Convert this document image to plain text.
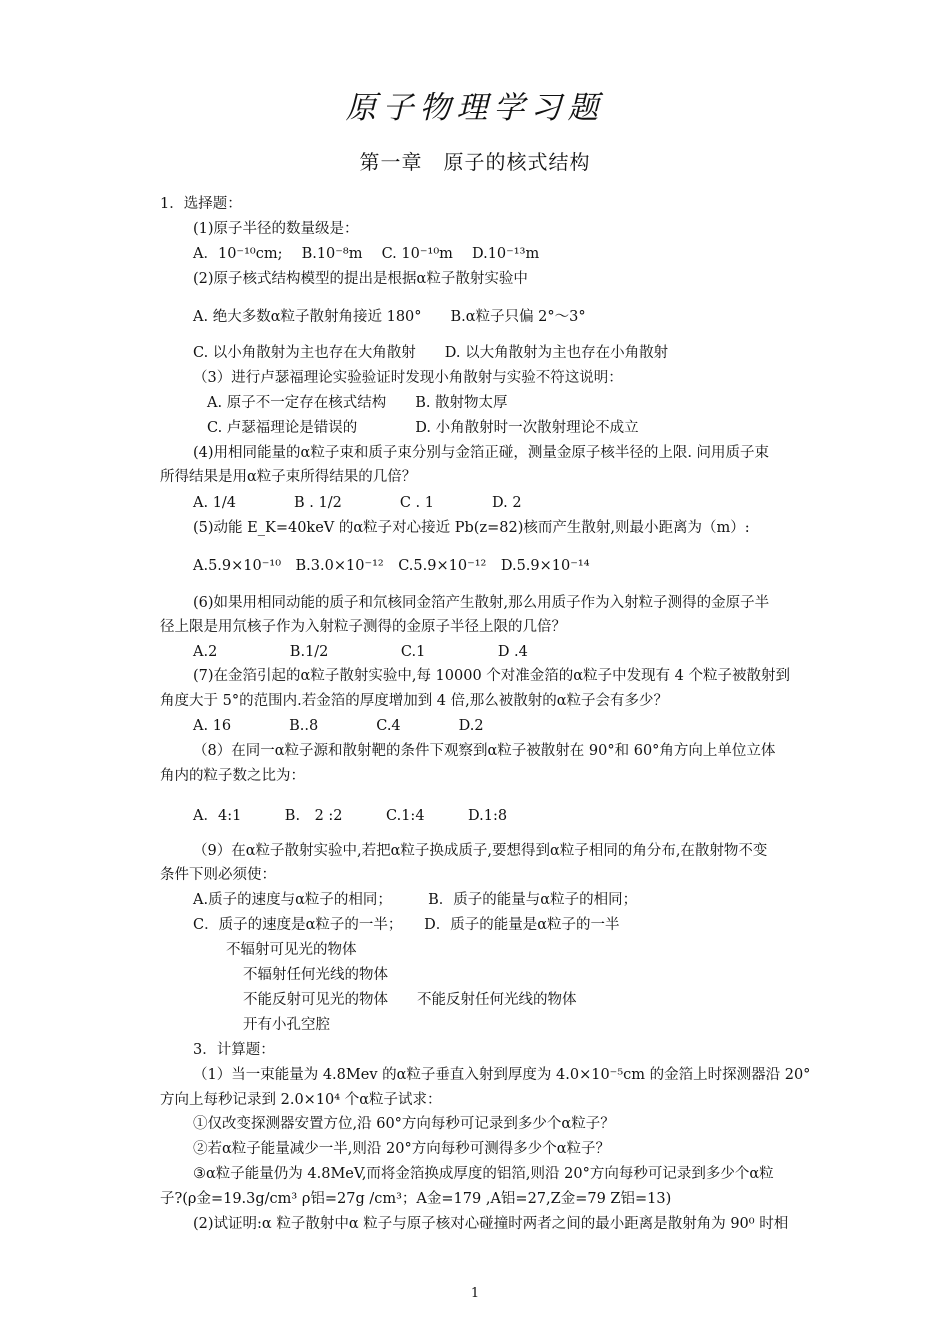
原子物理学习题
第一章　原子的核式结构
1．选择题：
(1)原子半径的数量级是：
A．10⁻¹⁰cm;　 B.10⁻⁸m　 C. 10⁻¹⁰m　 D.10⁻¹³m
(2)原子核式结构模型的提出是根据α粒子散射实验中
A. 绝大多数α粒子散射角接近 180°　　B.α粒子只偏 2°～3°
C. 以小角散射为主也存在大角散射　　D. 以大角散射为主也存在小角散射
（3）进行卢瑟福理论实验验证时发现小角散射与实验不符这说明：
A. 原子不一定存在核式结构　　B. 散射物太厚
C. 卢瑟福理论是错误的　　　　D. 小角散射时一次散射理论不成立
(4)用相同能量的α粒子束和质子束分别与金箔正碰，测量金原子核半径的上限. 问用质子束
所得结果是用α粒子束所得结果的几倍？
A. 1/4　　　　B . 1/2　　　　C . 1　　　　D. 2
(5)动能 E_K=40keV 的α粒子对心接近 Pb(z=82)核而产生散射,则最小距离为（m）:
A.5.9×10⁻¹⁰　B.3.0×10⁻¹²　C.5.9×10⁻¹²　D.5.9×10⁻¹⁴
(6)如果用相同动能的质子和氘核同金箔产生散射,那么用质子作为入射粒子测得的金原子半
径上限是用氘核子作为入射粒子测得的金原子半径上限的几倍？
A.2　　　　　B.1/2　　　　　C.1　　　　　D .4
(7)在金箔引起的α粒子散射实验中,每 10000 个对准金箔的α粒子中发现有 4 个粒子被散射到
角度大于 5°的范围内.若金箔的厚度增加到 4 倍,那么被散射的α粒子会有多少？
A. 16　　　　B..8　　　　C.4　　　　D.2
（8）在同一α粒子源和散射靶的条件下观察到α粒子被散射在 90°和 60°角方向上单位立体
角内的粒子数之比为：
A．4:1　　　B.　2 :2　　　C.1:4　　　D.1:8
（9）在α粒子散射实验中,若把α粒子换成质子,要想得到α粒子相同的角分布,在散射物不变
条件下则必须使：
A.质子的速度与α粒子的相同；　　　B．质子的能量与α粒子的相同；
C．质子的速度是α粒子的一半；　　D．质子的能量是α粒子的一半
不辐射可见光的物体
不辐射任何光线的物体
不能反射可见光的物体　　不能反射任何光线的物体
开有小孔空腔
3．计算题：
（1）当一束能量为 4.8Mev 的α粒子垂直入射到厚度为 4.0×10⁻⁵cm 的金箔上时探测器沿 20°
方向上每秒记录到 2.0×10⁴ 个α粒子试求：
①仅改变探测器安置方位,沿 60°方向每秒可记录到多少个α粒子？
②若α粒子能量减少一半,则沿 20°方向每秒可测得多少个α粒子？
③α粒子能量仍为 4.8MeV,而将金箔换成厚度的铝箔,则沿 20°方向每秒可记录到多少个α粒
子?(ρ金=19.3g/cm³ ρ铝=27g /cm³；A金=179 ,A铝=27,Z金=79 Z铝=13)
(2)试证明:α 粒子散射中α 粒子与原子核对心碰撞时两者之间的最小距离是散射角为 90⁰ 时相
1
